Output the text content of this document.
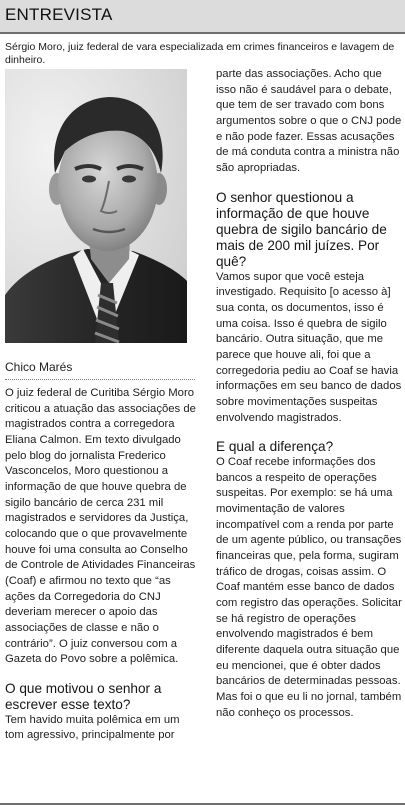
ENTREVISTA
Sérgio Moro, juiz federal de vara especializada em crimes financeiros e lavagem de dinheiro.
Chico Marés

O juiz federal de Curitiba Sérgio Moro criticou a atuação das associações de magistrados contra a corregedora Eliana Calmon. Em texto divulgado pelo blog do jornalista Frederico Vasconcelos, Moro questionou a informação de que houve quebra de sigilo bancário de cerca 231 mil magistrados e servidores da Justiça, colocando que o que provavelmente houve foi uma consulta ao Conselho de Controle de Atividades Financeiras (Coaf) e afirmou no texto que “as ações da Corregedoria do CNJ deveriam merecer o apoio das associações de classe e não o contrário”. O juiz conversou com a Gazeta do Povo sobre a polêmica.

O que motivou o senhor a escrever esse texto?

Tem havido muita polêmica em um tom agressivo, principalmente por

parte das associações. Acho que isso não é saudável para o debate, que tem de ser travado com bons argumentos sobre o que o CNJ pode e não pode fazer. Essas acusações de má conduta contra a ministra não são apropriadas.

O senhor questionou a informação de que houve quebra de sigilo bancário de mais de 200 mil juízes. Por quê?

Vamos supor que você esteja investigado. Requisito [o acesso à] sua conta, os documentos, isso é uma coisa. Isso é quebra de sigilo bancário. Outra situação, que me parece que houve ali, foi que a corregedoria pediu ao Coaf se havia informações em seu banco de dados sobre movimentações suspeitas envolvendo magistrados.

E qual a diferença?

O Coaf recebe informações dos bancos a respeito de operações suspeitas. Por exemplo: se há uma movimentação de valores incompatível com a renda por parte de um agente público, ou transações financeiras que, pela forma, sugiram tráfico de drogas, coisas assim. O Coaf mantém esse banco de dados com registro das operações. Solicitar se há registro de operações envolvendo magistrados é bem diferente daquela outra situação que eu mencionei, que é obter dados bancários de determinadas pessoas. Mas foi o que eu li no jornal, também não conheço os processos.
